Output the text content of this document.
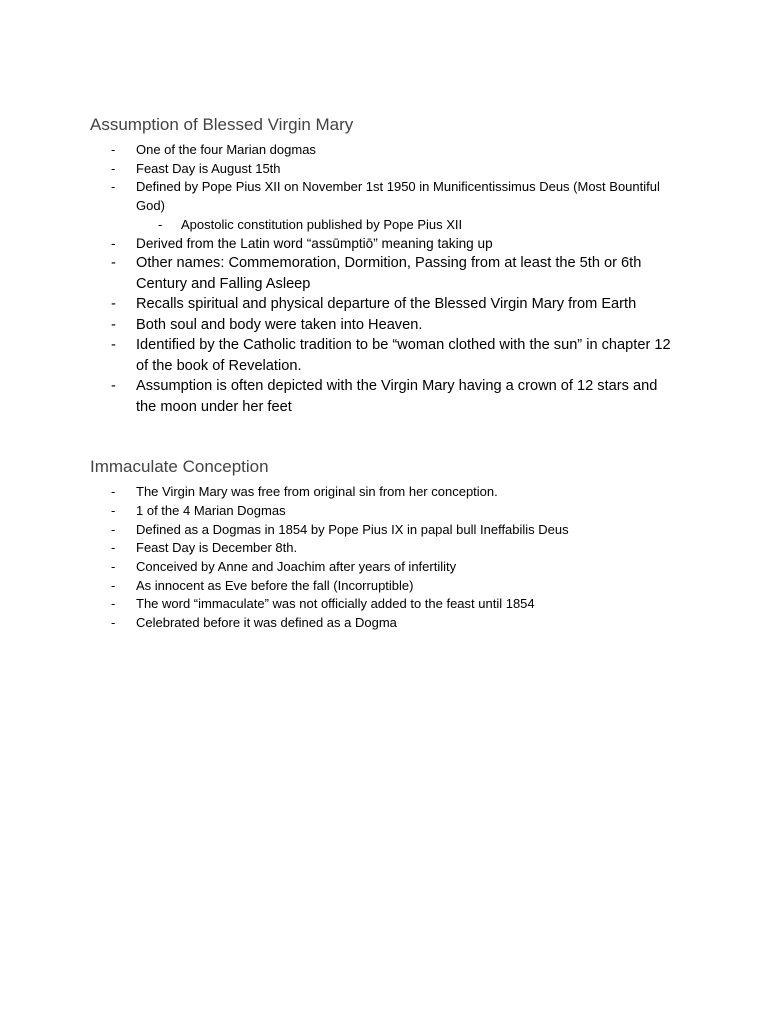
Assumption of Blessed Virgin Mary
- One of the four Marian dogmas
- Feast Day is August 15th
- Defined by Pope Pius XII on November 1st 1950 in Munificentissimus Deus (Most Bountiful God)
- Apostolic constitution published by Pope Pius XII
- Derived from the Latin word “assūmptiō” meaning taking up
- Other names: Commemoration, Dormition, Passing from at least the 5th or 6th Century and Falling Asleep
- Recalls spiritual and physical departure of the Blessed Virgin Mary from Earth
- Both soul and body were taken into Heaven.
- Identified by the Catholic tradition to be “woman clothed with the sun” in chapter 12 of the book of Revelation.
- Assumption is often depicted with the Virgin Mary having a crown of 12 stars and the moon under her feet
Immaculate Conception
- The Virgin Mary was free from original sin from her conception.
- 1 of the 4 Marian Dogmas
- Defined as a Dogmas in 1854 by Pope Pius IX in papal bull Ineffabilis Deus
- Feast Day is December 8th.
- Conceived by Anne and Joachim after years of infertility
- As innocent as Eve before the fall (Incorruptible)
- The word “immaculate” was not officially added to the feast until 1854
- Celebrated before it was defined as a Dogma
